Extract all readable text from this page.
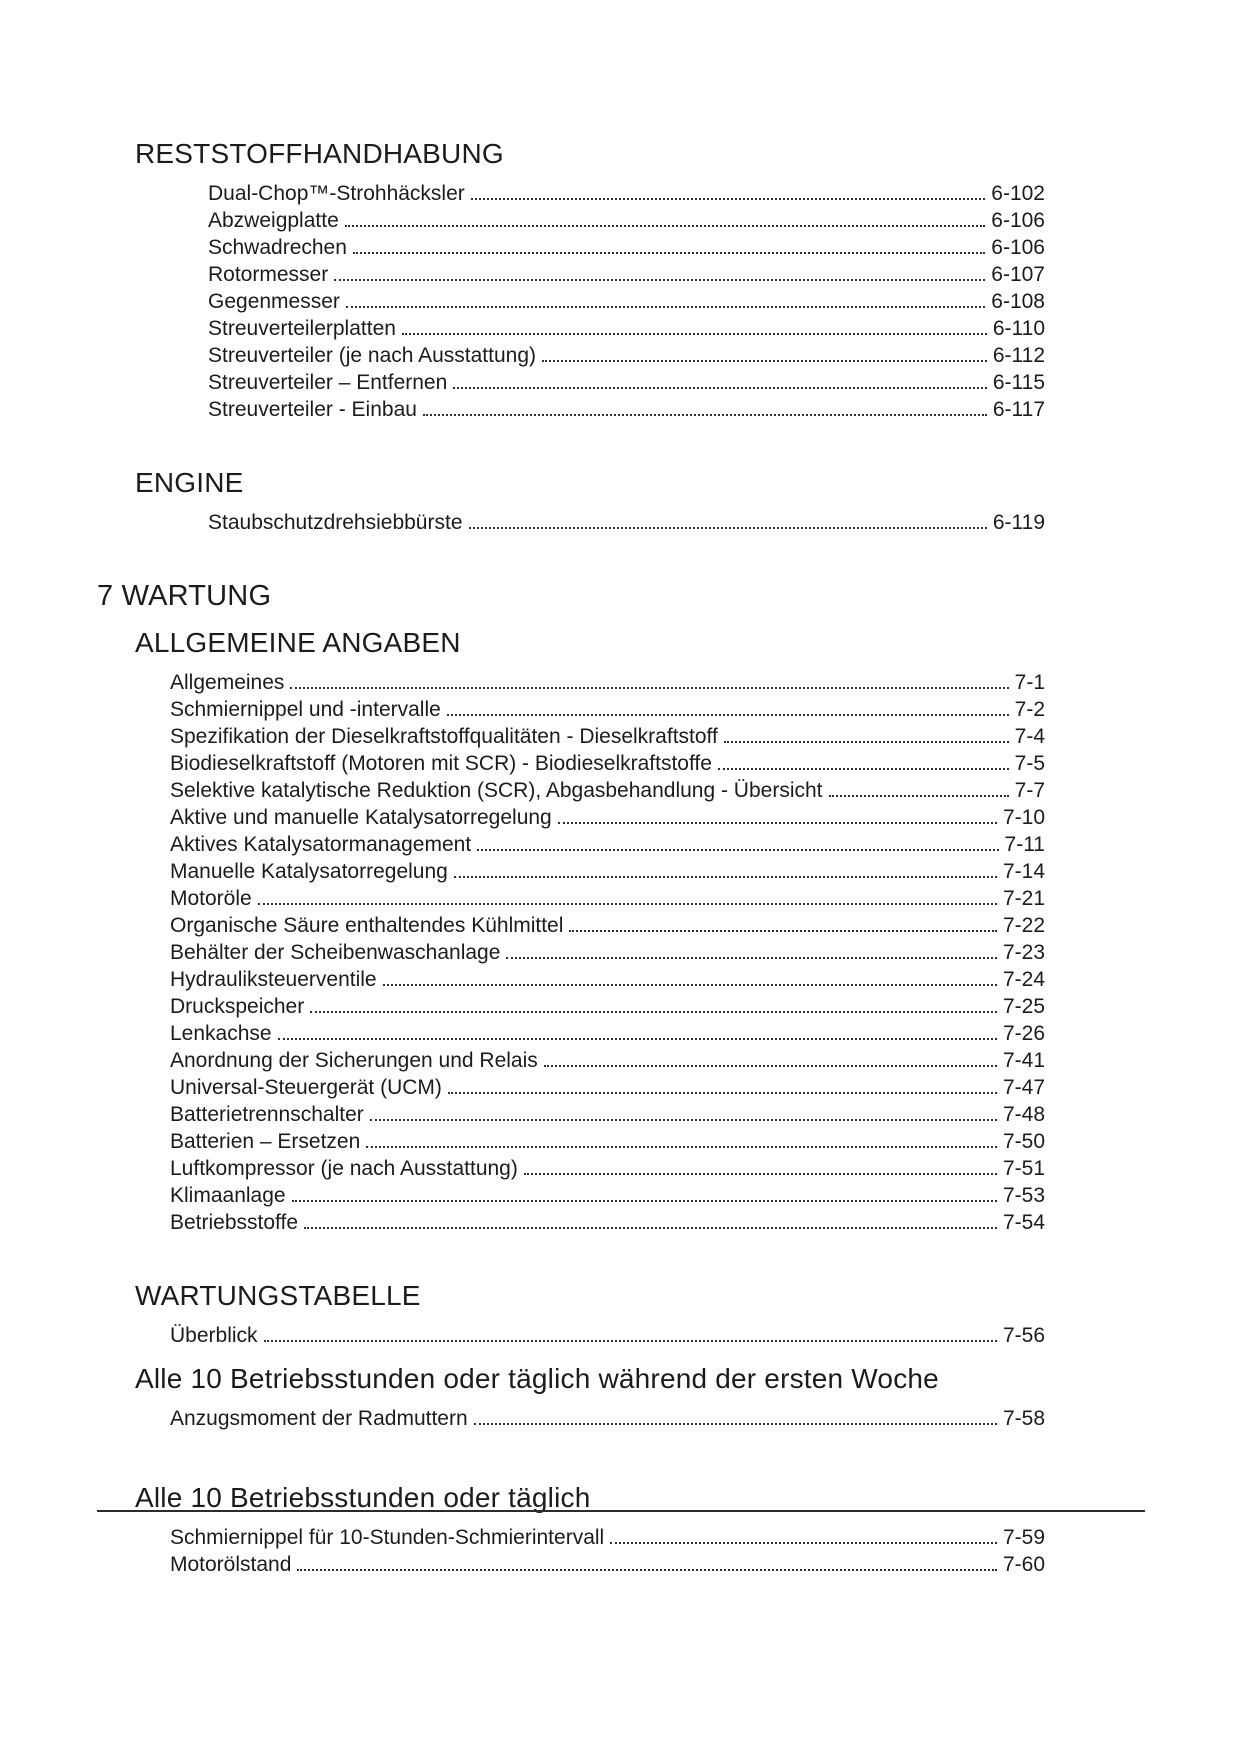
RESTSTOFFHANDHABUNG
Dual-Chop™-Strohhäcksler	6-102
Abzweigplatte	6-106
Schwadrechen	6-106
Rotormesser	6-107
Gegenmesser	6-108
Streuverteilerplatten	6-110
Streuverteiler (je nach Ausstattung)	6-112
Streuverteiler – Entfernen	6-115
Streuverteiler - Einbau	6-117
ENGINE
Staubschutzdrehsiebbürste	6-119
7 WARTUNG
ALLGEMEINE ANGABEN
Allgemeines	7-1
Schmiernippel und -intervalle	7-2
Spezifikation der Dieselkraftstoffqualitäten - Dieselkraftstoff	7-4
Biodieselkraftstoff (Motoren mit SCR) - Biodieselkraftstoffe	7-5
Selektive katalytische Reduktion (SCR), Abgasbehandlung - Übersicht	7-7
Aktive und manuelle Katalysatorregelung	7-10
Aktives Katalysatormanagement	7-11
Manuelle Katalysatorregelung	7-14
Motoröle	7-21
Organische Säure enthaltendes Kühlmittel	7-22
Behälter der Scheibenwaschanlage	7-23
Hydrauliksteuerventile	7-24
Druckspeicher	7-25
Lenkachse	7-26
Anordnung der Sicherungen und Relais	7-41
Universal-Steuergerät (UCM)	7-47
Batterietrennschalter	7-48
Batterien – Ersetzen	7-50
Luftkompressor (je nach Ausstattung)	7-51
Klimaanlage	7-53
Betriebsstoffe	7-54
WARTUNGSTABELLE
Überblick	7-56
Alle 10 Betriebsstunden oder täglich während der ersten Woche
Anzugsmoment der Radmuttern	7-58
Alle 10 Betriebsstunden oder täglich
Schmiernippel für 10-Stunden-Schmierintervall	7-59
Motorölstand	7-60
